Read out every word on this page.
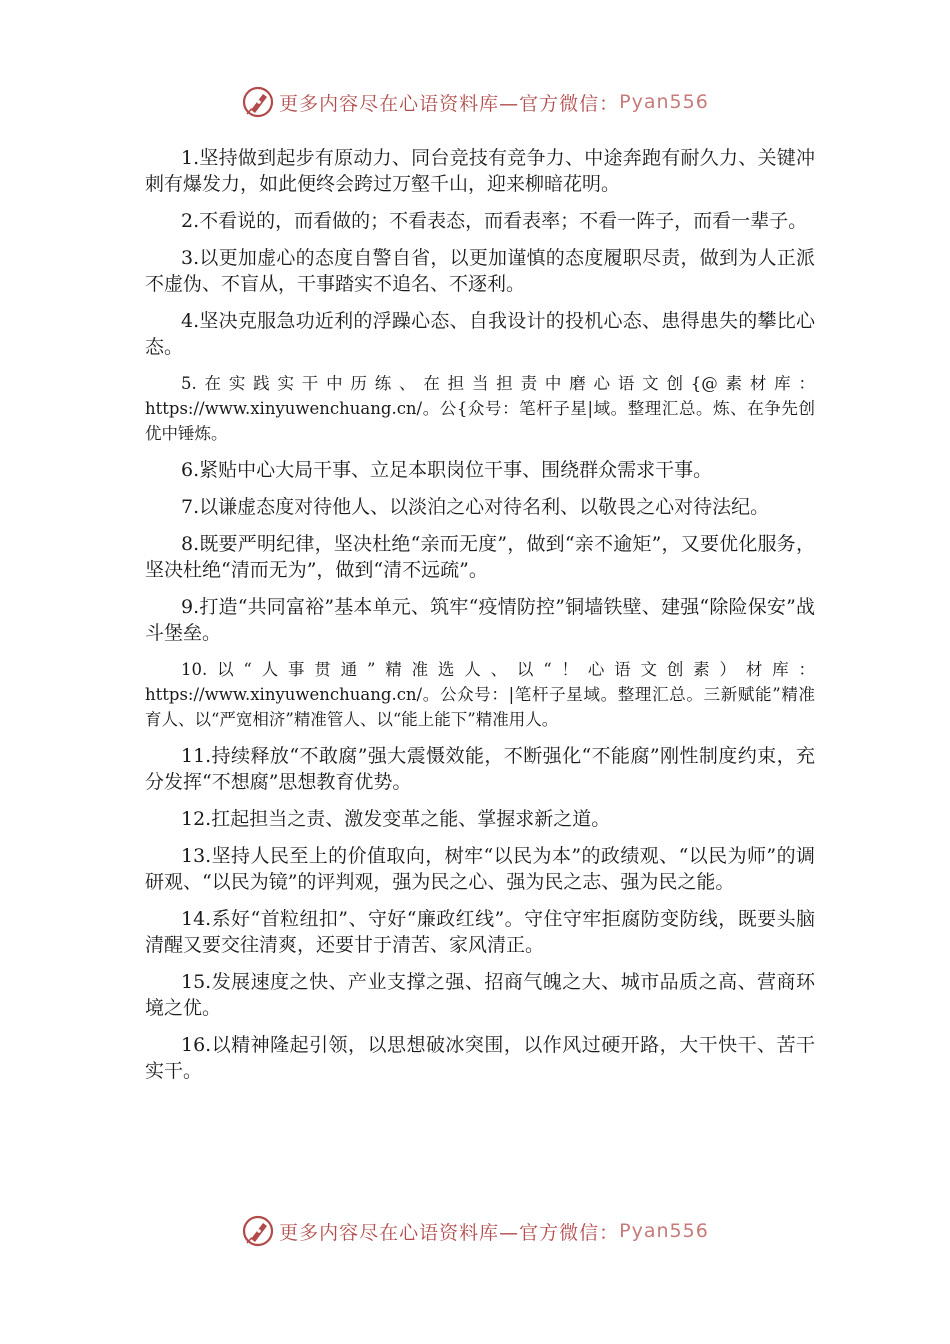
更多内容尽在心语资料库—官方微信： Pyan556

1.坚持做到起步有原动力、同台竞技有竞争力、中途奔跑有耐久力、关键冲刺有爆发力，如此便终会跨过万壑千山，迎来柳暗花明。

2.不看说的，而看做的；不看表态，而看表率；不看一阵子，而看一辈子。

3.以更加虚心的态度自警自省，以更加谨慎的态度履职尽责，做到为人正派不虚伪、不盲从，干事踏实不追名、不逐利。

4.坚决克服急功近利的浮躁心态、自我设计的投机心态、患得患失的攀比心态。

5.在实践实干中历练、在担当担责中磨心语文创{@素材库：https://www.xinyuwenchuang.cn/。公{众号：笔杆子星|域。整理汇总。炼、在争先创优中锤炼。

6.紧贴中心大局干事、立足本职岗位干事、围绕群众需求干事。

7.以谦虚态度对待他人、以淡泊之心对待名利、以敬畏之心对待法纪。

8.既要严明纪律，坚决杜绝“亲而无度”，做到“亲不逾矩”，又要优化服务，坚决杜绝“清而无为”，做到“清不远疏”。

9.打造“共同富裕”基本单元、筑牢“疫情防控”铜墙铁壁、建强“除险保安”战斗堡垒。

10.以“人事贯通”精准选人、以“！心语文创素）材库：https://www.xinyuwenchuang.cn/。公众号：|笔杆子星域。整理汇总。三新赋能”精准育人、以“严宽相济”精准管人、以“能上能下”精准用人。

11.持续释放“不敢腐”强大震慑效能，不断强化“不能腐”刚性制度约束，充分发挥“不想腐”思想教育优势。

12.扛起担当之责、激发变革之能、掌握求新之道。

13.坚持人民至上的价值取向，树牢“以民为本”的政绩观、“以民为师”的调研观、“以民为镜”的评判观，强为民之心、强为民之志、强为民之能。

14.系好“首粒纽扣”、守好“廉政红线”。守住守牢拒腐防变防线，既要头脑清醒又要交往清爽，还要甘于清苦、家风清正。

15.发展速度之快、产业支撑之强、招商气魄之大、城市品质之高、营商环境之优。

16.以精神隆起引领，以思想破冰突围，以作风过硬开路，大干快干、苦干实干。

更多内容尽在心语资料库—官方微信： Pyan556
